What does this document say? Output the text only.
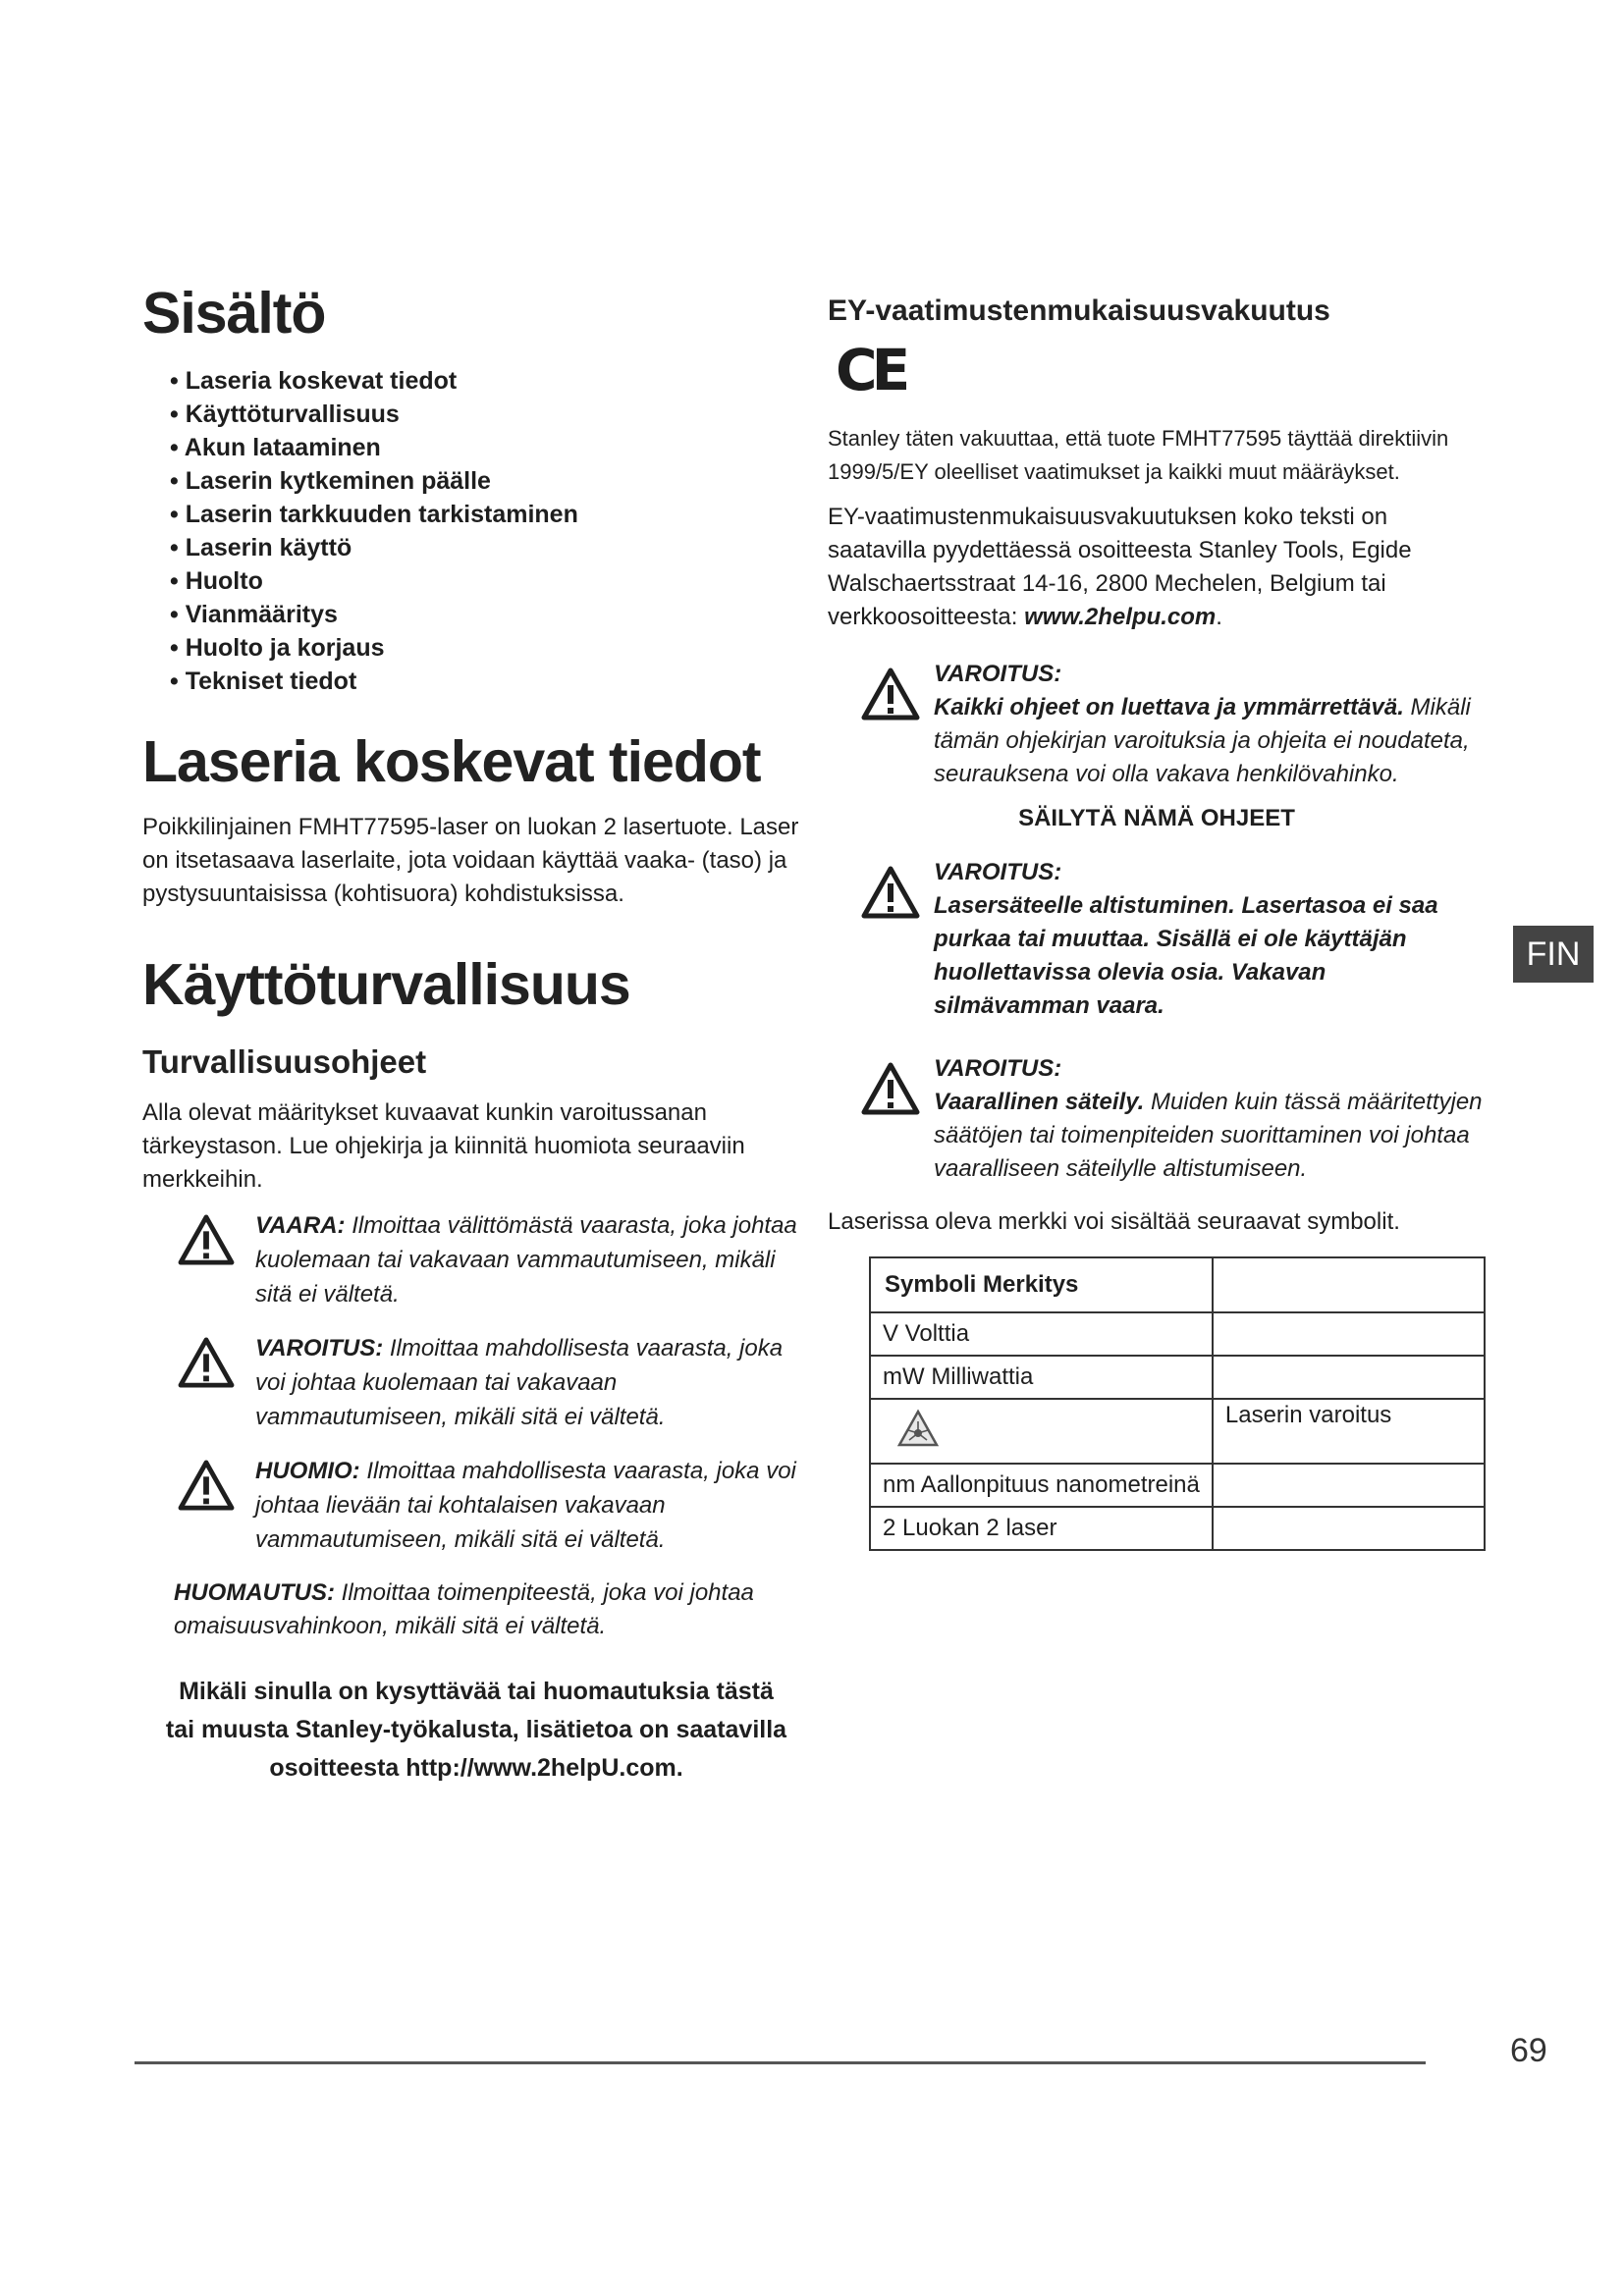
Sisältö
• Laseria koskevat tiedot
• Käyttöturvallisuus
• Akun lataaminen
• Laserin kytkeminen päälle
• Laserin tarkkuuden tarkistaminen
• Laserin käyttö
• Huolto
• Vianmääritys
• Huolto ja korjaus
• Tekniset tiedot
Laseria koskevat tiedot

Poikkilinjainen FMHT77595-laser on luokan 2 lasertuote. Laser on itsetasaava laserlaite, jota voidaan käyttää vaaka- (taso) ja pystysuuntaisissa (kohtisuora) kohdistuksissa.

Käyttöturvallisuus
Turvallisuusohjeet

Alla olevat määritykset kuvaavat kunkin varoitussanan tärkeystason. Lue ohjekirja ja kiinnitä huomiota seuraaviin merkkeihin.

VAARA: Ilmoittaa välittömästä vaarasta, joka johtaa kuolemaan tai vakavaan vammautumiseen, mikäli sitä ei vältetä.
VAROITUS: Ilmoittaa mahdollisesta vaarasta, joka voi johtaa kuolemaan tai vakavaan vammautumiseen, mikäli sitä ei vältetä.
HUOMIO: Ilmoittaa mahdollisesta vaarasta, joka voi johtaa lievään tai kohtalaisen vakavaan vammautumiseen, mikäli sitä ei vältetä.
HUOMAUTUS: Ilmoittaa toimenpiteestä, joka voi johtaa omaisuusvahinkoon, mikäli sitä ei vältetä.
Mikäli sinulla on kysyttävää tai huomautuksia tästä
tai muusta Stanley-työkalusta, lisätietoa on saatavilla
osoitteesta http://www.2helpU.com.
EY-vaatimustenmukaisuusvakuutus
CE

Stanley täten vakuuttaa, että tuote FMHT77595 täyttää direktiivin 1999/5/EY oleelliset vaatimukset ja kaikki muut määräykset.

EY-vaatimustenmukaisuusvakuutuksen koko teksti on saatavilla pyydettäessä osoitteesta Stanley Tools, Egide Walschaertsstraat 14-16, 2800 Mechelen, Belgium tai verkkoosoitteesta: www.2helpu.com.

VAROITUS:
Kaikki ohjeet on luettava ja ymmärrettävä. Mikäli tämän ohjekirjan varoituksia ja ohjeita ei noudateta, seurauksena voi olla vakava henkilövahinko.
SÄILYTÄ NÄMÄ OHJEET
VAROITUS:
Lasersäteelle altistuminen. Lasertasoa ei saa purkaa tai muuttaa. Sisällä ei ole käyttäjän huollettavissa olevia osia. Vakavan silmävamman vaara.
VAROITUS:
Vaarallinen säteily. Muiden kuin tässä määritettyjen säätöjen tai toimenpiteiden suorittaminen voi johtaa vaaralliseen säteilylle altistumiseen.

Laserissa oleva merkki voi sisältää seuraavat symbolit.

Symboli Merkitys	
V Volttia	
mW Milliwattia	
	Laserin varoitus
nm Aallonpituus nanometreinä	
2 Luokan 2 laser	
FIN
69
